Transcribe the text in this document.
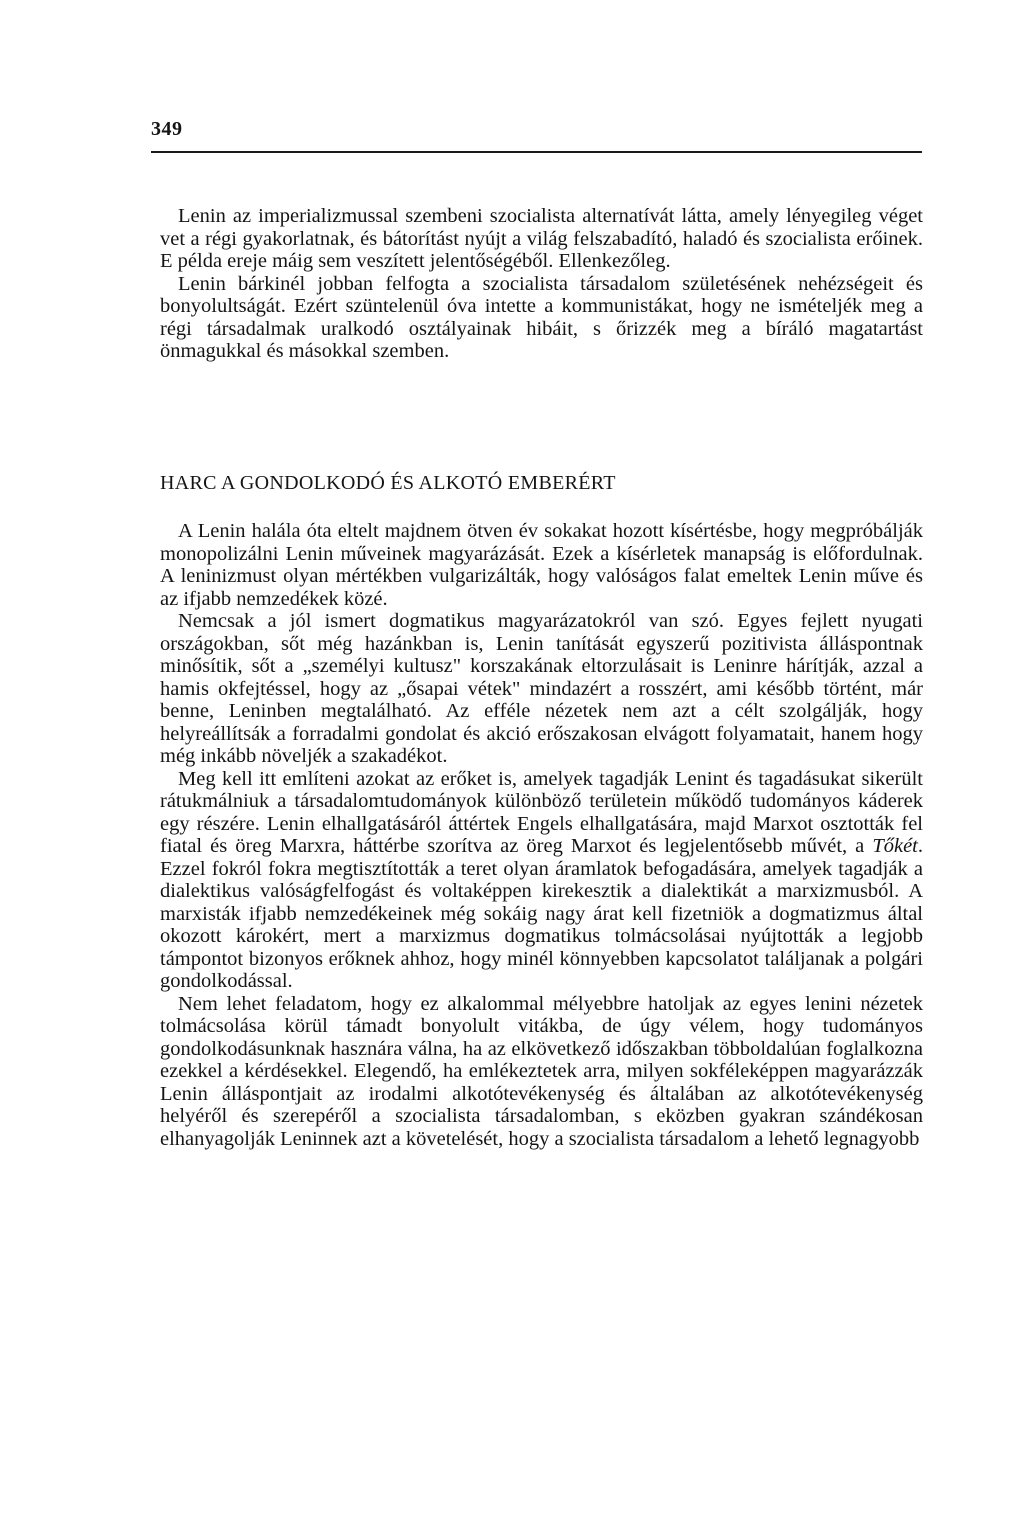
349

Lenin az imperializmussal szembeni szocialista alternatívát látta, amely lényegileg véget vet a régi gyakorlatnak, és bátorítást nyújt a világ felszabadító, haladó és szocialista erőinek. E példa ereje máig sem veszített jelentőségéből. Ellenkezőleg.

Lenin bárkinél jobban felfogta a szocialista társadalom születésének nehézségeit és bonyolultságát. Ezért szüntelenül óva intette a kommunistákat, hogy ne ismételjék meg a régi társadalmak uralkodó osztályainak hibáit, s őrizzék meg a bíráló magatartást önmagukkal és másokkal szemben.

HARC A GONDOLKODÓ ÉS ALKOTÓ EMBERÉRT

A Lenin halála óta eltelt majdnem ötven év sokakat hozott kísértésbe, hogy megpróbálják monopolizálni Lenin műveinek magyarázását. Ezek a kísérletek manapság is előfordulnak. A leninizmust olyan mértékben vulgarizálták, hogy valóságos falat emeltek Lenin műve és az ifjabb nemzedékek közé.

Nemcsak a jól ismert dogmatikus magyarázatokról van szó. Egyes fejlett nyugati országokban, sőt még hazánkban is, Lenin tanítását egyszerű pozitivista álláspontnak minősítik, sőt a „személyi kultusz" korszakának eltorzulásait is Leninre hárítják, azzal a hamis okfejtéssel, hogy az „ősapai vétek" mindazért a rosszért, ami később történt, már benne, Leninben megtalálható. Az efféle nézetek nem azt a célt szolgálják, hogy helyreállítsák a forradalmi gondolat és akció erőszakosan elvágott folyamatait, hanem hogy még inkább növeljék a szakadékot.

Meg kell itt említeni azokat az erőket is, amelyek tagadják Lenint és tagadásukat sikerült rátukmálniuk a társadalomtudományok különböző területein működő tudományos káderek egy részére. Lenin elhallgatásáról áttértek Engels elhallgatására, majd Marxot osztották fel fiatal és öreg Marxra, háttérbe szorítva az öreg Marxot és legjelentősebb művét, a Tőkét. Ezzel fokról fokra megtisztították a teret olyan áramlatok befogadására, amelyek tagadják a dialektikus valóságfelfogást és voltaképpen kirekesztik a dialektikát a marxizmusból. A marxisták ifjabb nemzedékeinek még sokáig nagy árat kell fizetniök a dogmatizmus által okozott károkért, mert a marxizmus dogmatikus tolmácsolásai nyújtották a legjobb támpontot bizonyos erőknek ahhoz, hogy minél könnyebben kapcsolatot találjanak a polgári gondolkodással.

Nem lehet feladatom, hogy ez alkalommal mélyebbre hatoljak az egyes lenini nézetek tolmácsolása körül támadt bonyolult vitákba, de úgy vélem, hogy tudományos gondolkodásunknak hasznára válna, ha az elkövetkező időszakban többoldalúan foglalkozna ezekkel a kérdésekkel. Elegendő, ha emlékeztetek arra, milyen sokféleképpen magyarázzák Lenin álláspontjait az irodalmi alkotótevékenység és általában az alkotótevékenység helyéről és szerepéről a szocialista társadalomban, s eközben gyakran szándékosan elhanyagolják Leninnek azt a követelését, hogy a szocialista társadalom a lehető legnagyobb
